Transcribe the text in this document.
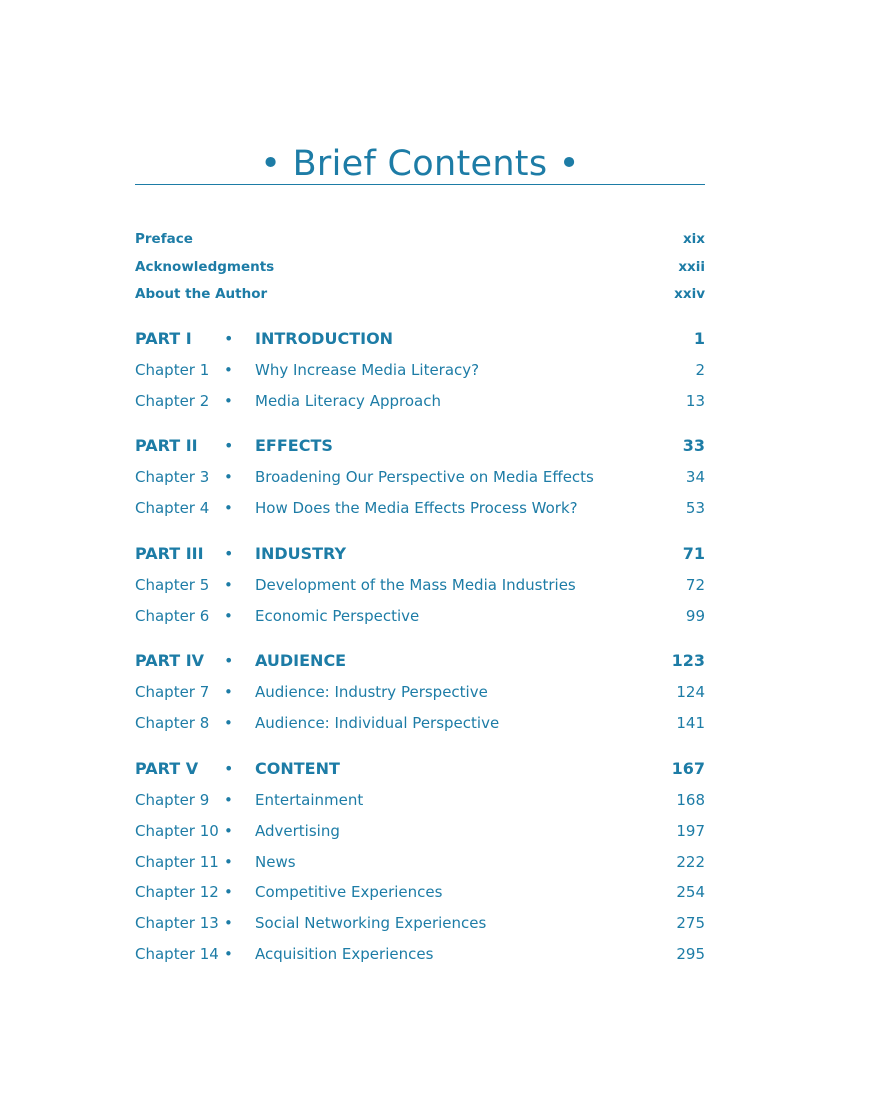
• Brief Contents •
Preface	xix
Acknowledgments	xxii
About the Author	xxiv
PART I • INTRODUCTION	1
Chapter 1 • Why Increase Media Literacy?	2
Chapter 2 • Media Literacy Approach	13
PART II • EFFECTS	33
Chapter 3 • Broadening Our Perspective on Media Effects	34
Chapter 4 • How Does the Media Effects Process Work?	53
PART III • INDUSTRY	71
Chapter 5 • Development of the Mass Media Industries	72
Chapter 6 • Economic Perspective	99
PART IV • AUDIENCE	123
Chapter 7 • Audience: Industry Perspective	124
Chapter 8 • Audience: Individual Perspective	141
PART V • CONTENT	167
Chapter 9 • Entertainment	168
Chapter 10 • Advertising	197
Chapter 11 • News	222
Chapter 12 • Competitive Experiences	254
Chapter 13 • Social Networking Experiences	275
Chapter 14 • Acquisition Experiences	295
